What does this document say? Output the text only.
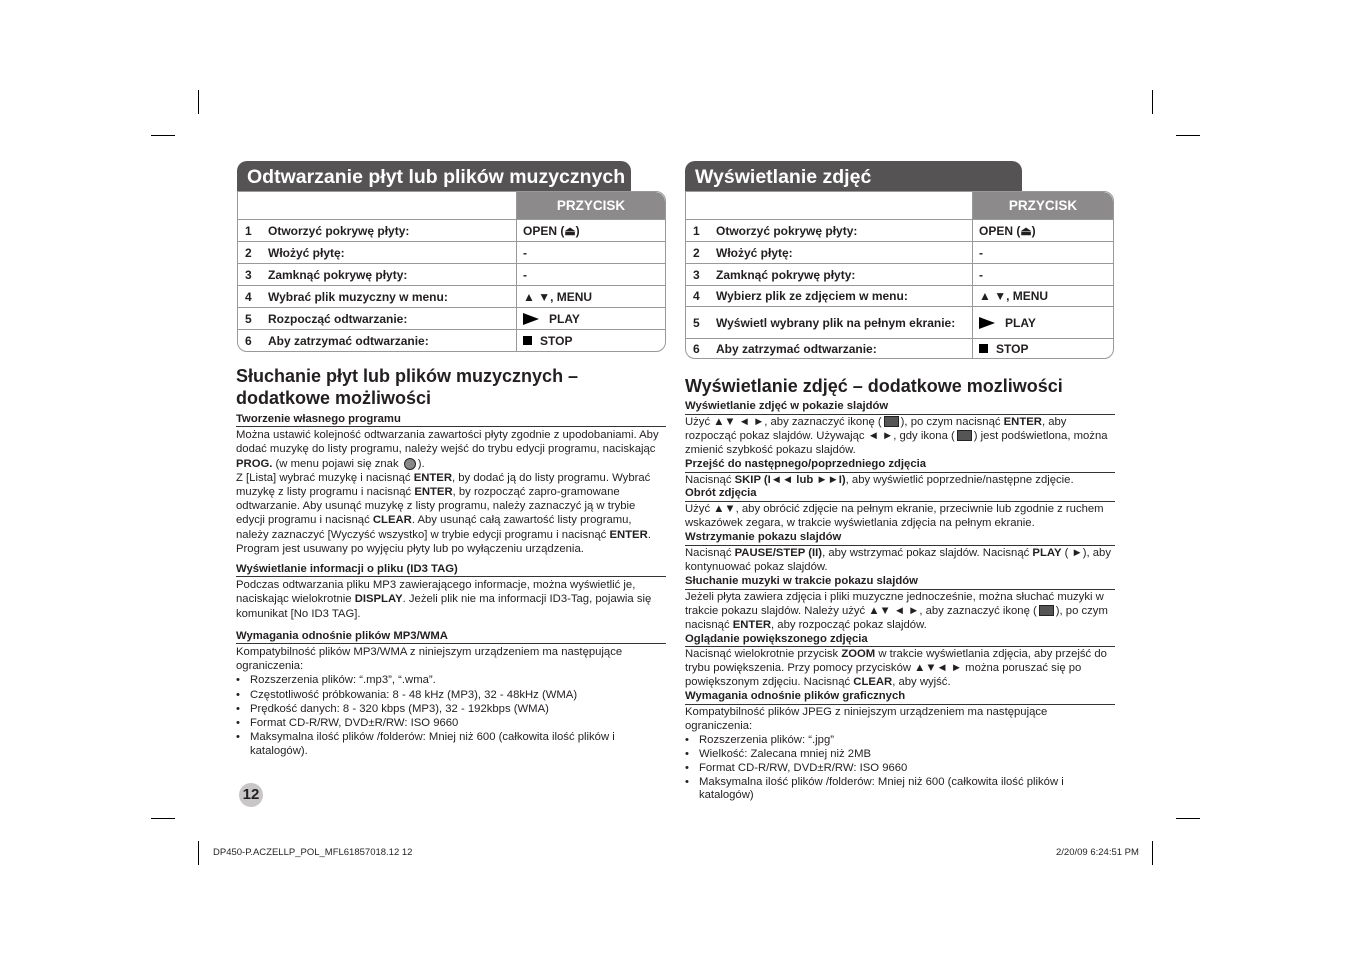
Odtwarzanie płyt lub plików muzycznych
PRZYCISK
1	Otworzyć pokrywę płyty:	OPEN (⏏)
2	Włożyć płytę:	-
3	Zamknąć pokrywę płyty:	-
4	Wybrać plik muzyczny w menu:	▲ ▼, MENU
5	Rozpocząć odtwarzanie:	PLAY
6	Aby zatrzymać odtwarzanie:	STOP
Słuchanie płyt lub plików muzycznych – dodatkowe możliwości
Tworzenie własnego programu

Można ustawić kolejność odtwarzania zawartości płyty zgodnie z upodobaniami. Aby dodać muzykę do listy programu, należy wejść do trybu edycji programu, naciskając PROG. (w menu pojawi się znak ).

Z [Lista] wybrać muzykę i nacisnąć ENTER, by dodać ją do listy programu. Wybrać muzykę z listy programu i nacisnąć ENTER, by rozpocząć zapro-gramowane odtwarzanie. Aby usunąć muzykę z listy programu, należy zaznaczyć ją w trybie edycji programu i nacisnąć CLEAR. Aby usunąć całą zawartość listy programu, należy zaznaczyć [Wyczyść wszystko] w trybie edycji programu i nacisnąć ENTER. Program jest usuwany po wyjęciu płyty lub po wyłączeniu urządzenia.

Wyświetlanie informacji o pliku (ID3 TAG)

Podczas odtwarzania pliku MP3 zawierającego informacje, można wyświetlić je, naciskając wielokrotnie DISPLAY. Jeżeli plik nie ma informacji ID3-Tag, pojawia się komunikat [No ID3 TAG].

Wymagania odnośnie plików MP3/WMA

Kompatybilność plików MP3/WMA z niniejszym urządzeniem ma następujące ograniczenia:

• Rozszerzenia plików: “.mp3”, “.wma”.
• Częstotliwość próbkowania: 8 - 48 kHz (MP3), 32 - 48kHz (WMA)
• Prędkość danych: 8 - 320 kbps (MP3), 32 - 192kbps (WMA)
• Format CD-R/RW, DVD±R/RW: ISO 9660
• Maksymalna ilość plików /folderów: Mniej niż 600 (całkowita ilość plików i katalogów).
12
Wyświetlanie zdjęć
PRZYCISK
1	Otworzyć pokrywę płyty:	OPEN (⏏)
2	Włożyć płytę:	-
3	Zamknąć pokrywę płyty:	-
4	Wybierz plik ze zdjęciem w menu:	▲ ▼, MENU
5	Wyświetl wybrany plik na pełnym ekranie:	PLAY
6	Aby zatrzymać odtwarzanie:	STOP
Wyświetlanie zdjęć – dodatkowe mozliwości
Wyświetlanie zdjęć w pokazie slajdów

Użyć ▲▼ ◄ ►, aby zaznaczyć ikonę ( ), po czym nacisnąć ENTER, aby rozpocząć pokaz slajdów. Używając ◄ ►, gdy ikona ( ) jest podświetlona, można zmienić szybkość pokazu slajdów.

Przejść do następnego/poprzedniego zdjęcia

Nacisnąć SKIP (I◄◄ lub ►►I), aby wyświetlić poprzednie/następne zdjęcie.

Obrót zdjęcia

Użyć ▲▼, aby obrócić zdjęcie na pełnym ekranie, przeciwnie lub zgodnie z ruchem wskazówek zegara, w trakcie wyświetlania zdjęcia na pełnym ekranie.

Wstrzymanie pokazu slajdów

Nacisnąć PAUSE/STEP (II), aby wstrzymać pokaz slajdów. Nacisnąć PLAY ( ►), aby kontynuować pokaz slajdów.

Słuchanie muzyki w trakcie pokazu slajdów

Jeżeli płyta zawiera zdjęcia i pliki muzyczne jednocześnie, można słuchać muzyki w trakcie pokazu slajdów. Należy użyć ▲▼ ◄ ►, aby zaznaczyć ikonę ( ), po czym nacisnąć ENTER, aby rozpocząć pokaz slajdów.

Oglądanie powiększonego zdjęcia

Nacisnąć wielokrotnie przycisk ZOOM w trakcie wyświetlania zdjęcia, aby przejść do trybu powiększenia. Przy pomocy przycisków ▲▼◄ ► można poruszać się po powiększonym zdjęciu. Nacisnąć CLEAR, aby wyjść.

Wymagania odnośnie plików graficznych

Kompatybilność plików JPEG z niniejszym urządzeniem ma następujące ograniczenia:

• Rozszerzenia plików: “.jpg”
• Wielkość: Zalecana mniej niż 2MB
• Format CD-R/RW, DVD±R/RW: ISO 9660
• Maksymalna ilość plików /folderów: Mniej niż 600 (całkowita ilość plików i katalogów)
DP450-P.ACZELLP_POL_MFL61857018.12 12	2/20/09 6:24:51 PM
